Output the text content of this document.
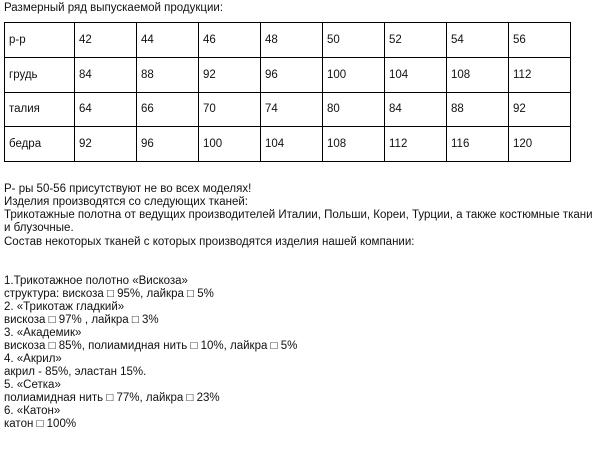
Размерный ряд выпускаемой продукции:
р-р	42	44	46	48	50	52	54	56
грудь	84	88	92	96	100	104	108	112
талия	64	66	70	74	80	84	88	92
бедра	92	96	100	104	108	112	116	120
Р- ры 50-56 присутствуют не во всех моделях!
Изделия производятся со следующих тканей:
Трикотажные полотна от ведущих производителей Италии, Польши, Кореи, Турции, а также костюмные ткани и блузочные.
Состав некоторых тканей с которых производятся изделия нашей компании:
1.Трикотажное полотно «Вискоза»
структура: вискоза □ 95%, лайкра □ 5%
2. «Трикотаж гладкий»
вискоза □ 97% , лайкра □ 3%
3. «Академик»
вискоза □ 85%, полиамидная нить □ 10%, лайкра □ 5%
4. «Акрил»
акрил - 85%, эластан 15%.
5. «Сетка»
полиамидная нить □ 77%, лайкра □ 23%
6. «Катон»
катон □ 100%
